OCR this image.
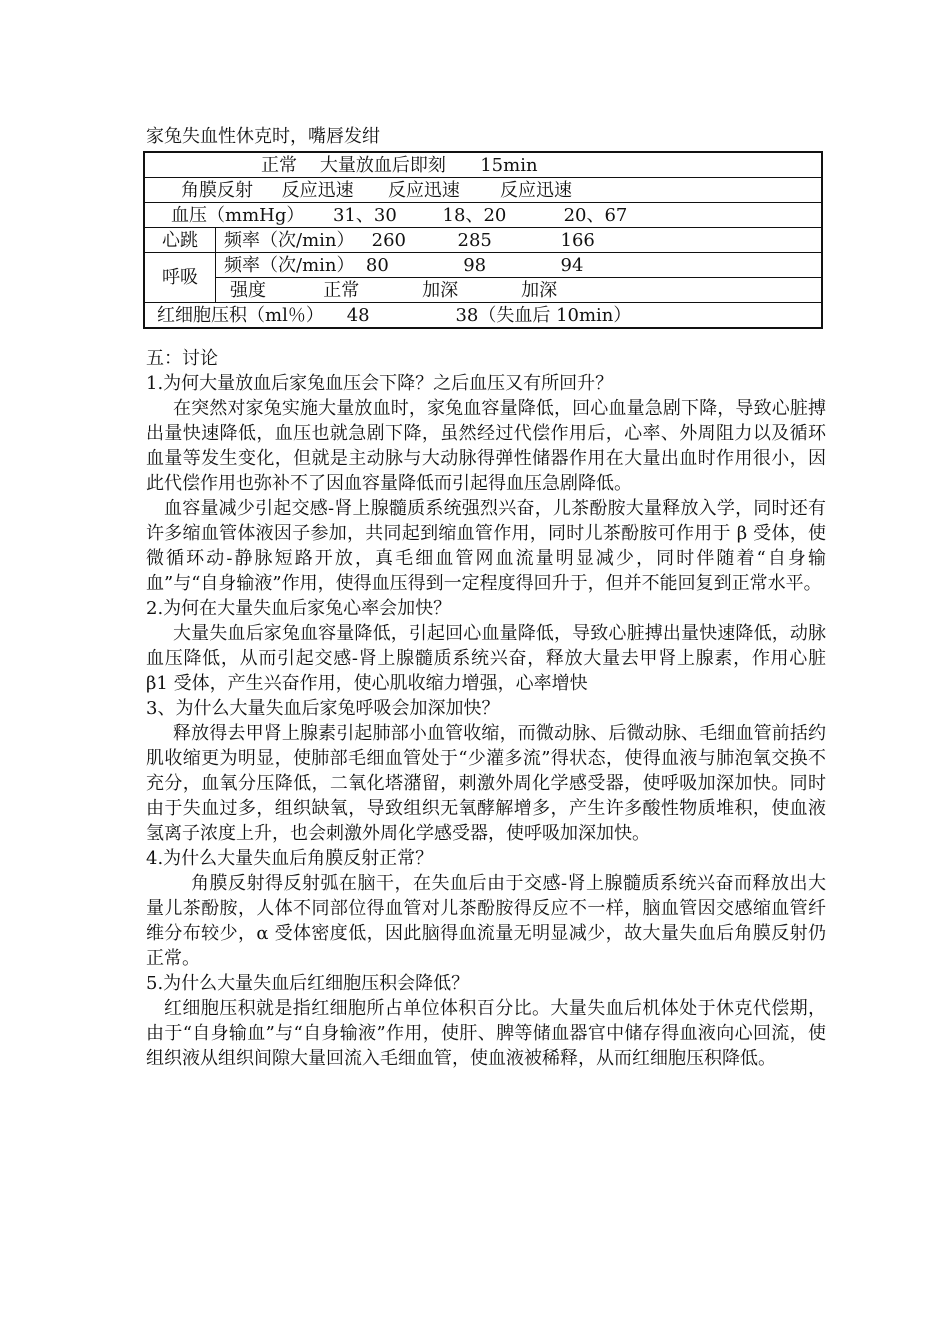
家兔失血性休克时，嘴唇发绀
正常    大量放血后即刻      15min	
角膜反射     反应迅速      反应迅速       反应迅速	
血压（mmHg）     31、30        18、20          20、67	
心跳	频率（次/min）   260         285            166
呼吸	频率（次/min）  80             98             94
	强度          正常           加深           加深
红细胞压积（ml％）    48               38（失血后 10min）	

五：讨论

1.为何大量放血后家兔血压会下降？之后血压又有所回升？

在突然对家兔实施大量放血时，家兔血容量降低，回心血量急剧下降，导致心脏搏出量快速降低，血压也就急剧下降，虽然经过代偿作用后，心率、外周阻力以及循环血量等发生变化，但就是主动脉与大动脉得弹性储器作用在大量出血时作用很小，因此代偿作用也弥补不了因血容量降低而引起得血压急剧降低。

血容量减少引起交感-肾上腺髓质系统强烈兴奋，儿茶酚胺大量释放入学，同时还有许多缩血管体液因子参加，共同起到缩血管作用，同时儿茶酚胺可作用于 β 受体，使微循环动-静脉短路开放，真毛细血管网血流量明显减少，同时伴随着“自身输血”与“自身输液”作用，使得血压得到一定程度得回升于，但并不能回复到正常水平。

2.为何在大量失血后家兔心率会加快？

大量失血后家兔血容量降低，引起回心血量降低，导致心脏搏出量快速降低，动脉血压降低，从而引起交感-肾上腺髓质系统兴奋，释放大量去甲肾上腺素，作用心脏 β1 受体，产生兴奋作用，使心肌收缩力增强，心率增快

3、为什么大量失血后家兔呼吸会加深加快？

释放得去甲肾上腺素引起肺部小血管收缩，而微动脉、后微动脉、毛细血管前括约肌收缩更为明显，使肺部毛细血管处于“少灌多流”得状态，使得血液与肺泡氧交换不充分，血氧分压降低，二氧化塔潴留，刺激外周化学感受器，使呼吸加深加快。同时由于失血过多，组织缺氧，导致组织无氧酵解增多，产生许多酸性物质堆积，使血液氢离子浓度上升，也会刺激外周化学感受器，使呼吸加深加快。

4.为什么大量失血后角膜反射正常？

角膜反射得反射弧在脑干，在失血后由于交感-肾上腺髓质系统兴奋而释放出大量儿茶酚胺，人体不同部位得血管对儿茶酚胺得反应不一样，脑血管因交感缩血管纤维分布较少，α 受体密度低，因此脑得血流量无明显减少，故大量失血后角膜反射仍正常。

5.为什么大量失血后红细胞压积会降低？

红细胞压积就是指红细胞所占单位体积百分比。大量失血后机体处于休克代偿期，由于“自身输血”与“自身输液”作用，使肝、脾等储血器官中储存得血液向心回流，使组织液从组织间隙大量回流入毛细血管，使血液被稀释，从而红细胞压积降低。
